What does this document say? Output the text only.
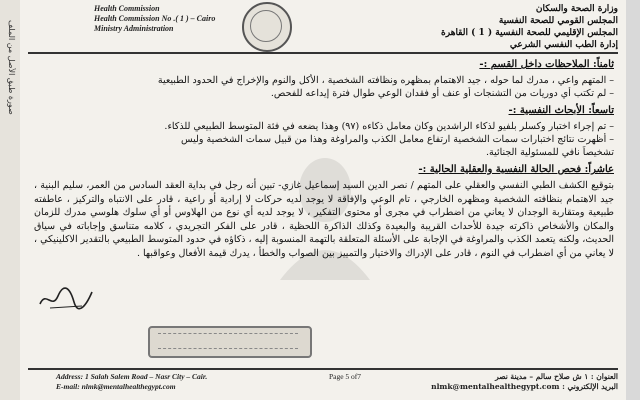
صورة طبق الأصل من الملف
Health Commission
Health Commission No .( 1 ) – Cairo
Ministry Administration
وزارة الصحة والسكان
المجلس القومي للصحة النفسية
المجلس الإقليمي للصحة النفسية ( 1 ) القاهرة
إدارة الطب النفسي الشرعي
ثامناً: الملاحظات داخل القسم :-
– المتهم واعي ، مدرك لما حوله ، جيد الاهتمام بمظهره ونظافته الشخصية ، الأكل والنوم والإخراج في الحدود الطبيعية
– لم تكتب أي دوريات من التشنجات أو عنف أو فقدان الوعي طوال فترة إيداعه للفحص.
تاسعاً: الأبحاث النفسية :-
– تم إجراء اختبار وكسلر بلفيو لذكاء الراشدين وكان معامل ذكاءه (٩٧) وهذا يضعه في فئة المتوسط الطبيعي للذكاء.
– أظهرت نتائج اختبارات سمات الشخصية ارتفاع معامل الكذب والمراوغة وهذا من قبيل سمات الشخصية وليس
تشخيصاً نافي للمسئولية الجنائية.
عاشراً: فحص الحالة النفسية والعقلية الحالية :-

بتوقيع الكشف الطبي النفسي والعقلي على المتهم / نصر الدين السيد إسماعيل غازي- تبين أنه رجل في بداية العقد السادس من العمر، سليم البنية ، جيد الاهتمام بنظافته الشخصية ومظهره الخارجي ، تام الوعي والإفاقة لا يوجد لديه حركات لا إرادية أو راعية ، قادر على الانتباه والتركيز ، عاطفته طبيعية ومتقاربة الوجدان لا يعاني من اضطراب في مجرى أو محتوى التفكير ، لا يوجد لديه أي نوع من الهلاوس أو أي سلوك هلوسي مدرك للزمان والمكان والأشخاص ذاكرته جيدة للأحداث القريبة والبعيدة وكذلك الذاكرة اللحظية ، قادر على الفكر التجريدي ، كلامه متناسق وإجاباته في سياق الحديث، ولكنه يتعمد الكذب والمراوغة في الإجابة على الأسئلة المتعلقة بالتهمة المنسوبة إليه ، ذكاؤه في حدود المتوسط الطبيعي بالتقدير الاكلينيكي ، لا يعاني من أي اضطراب في النوم ، قادر على الإدراك والاختيار والتمييز بين الصواب والخطأ ، يدرك قيمة الأفعال وعواقبها .

Address: 1 Salah Salem Road – Nasr City – Cair.
E-mail: nlmk@mentalhealthegypt.com
Page 5 of7	العنوان : ١ ش صلاح سالم – مدينة نصر
البريد الإلكتروني : nlmk@mentalhealthegypt.com
